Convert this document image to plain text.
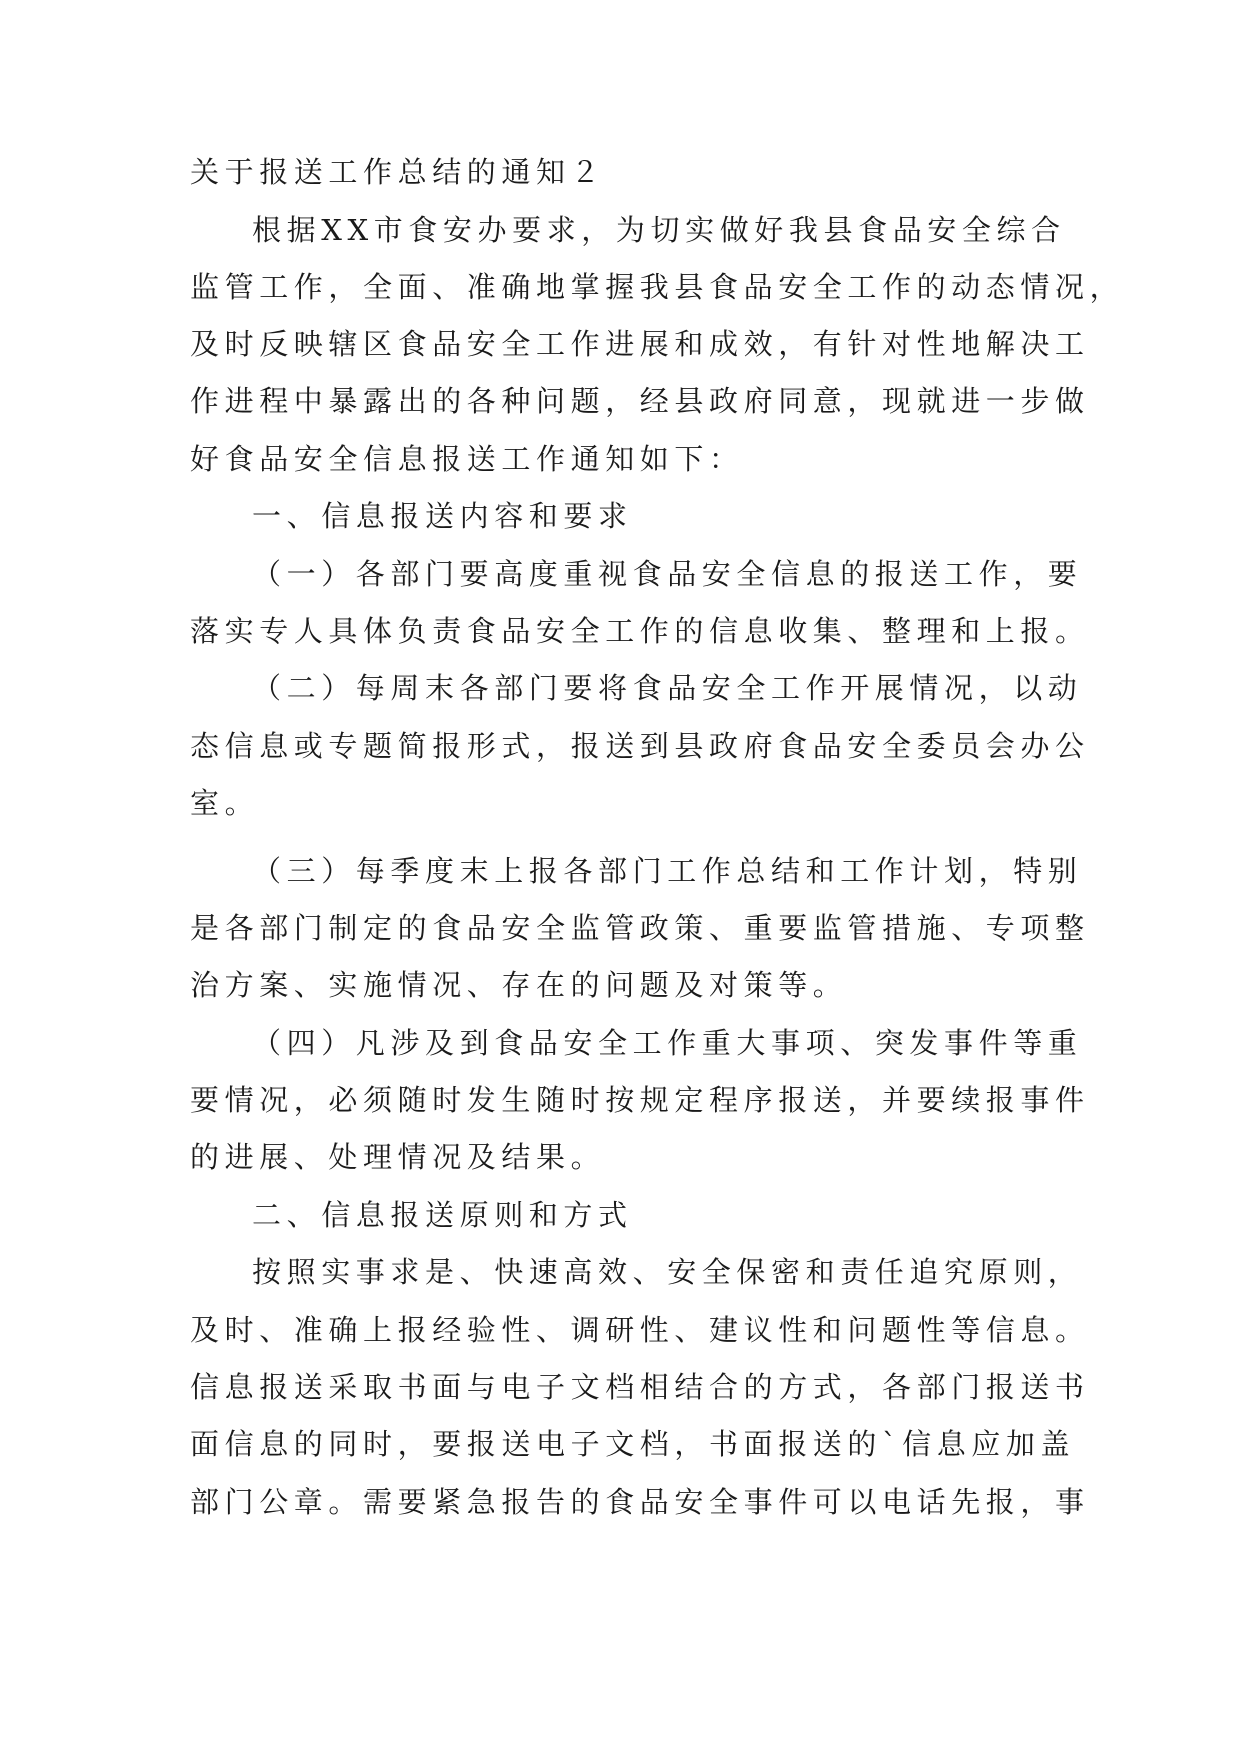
关于报送工作总结的通知２
根据XX市食安办要求，为切实做好我县食品安全综合
监管工作，全面、准确地掌握我县食品安全工作的动态情况，
及时反映辖区食品安全工作进展和成效，有针对性地解决工
作进程中暴露出的各种问题，经县政府同意，现就进一步做
好食品安全信息报送工作通知如下：
一、信息报送内容和要求
（一）各部门要高度重视食品安全信息的报送工作，要
落实专人具体负责食品安全工作的信息收集、整理和上报。
（二）每周末各部门要将食品安全工作开展情况，以动
态信息或专题简报形式，报送到县政府食品安全委员会办公
室。
（三）每季度末上报各部门工作总结和工作计划，特别
是各部门制定的食品安全监管政策、重要监管措施、专项整
治方案、实施情况、存在的问题及对策等。
（四）凡涉及到食品安全工作重大事项、突发事件等重
要情况，必须随时发生随时按规定程序报送，并要续报事件
的进展、处理情况及结果。
二、信息报送原则和方式
按照实事求是、快速高效、安全保密和责任追究原则，
及时、准确上报经验性、调研性、建议性和问题性等信息。
信息报送采取书面与电子文档相结合的方式，各部门报送书
面信息的同时，要报送电子文档，书面报送的`信息应加盖
部门公章。需要紧急报告的食品安全事件可以电话先报，事
